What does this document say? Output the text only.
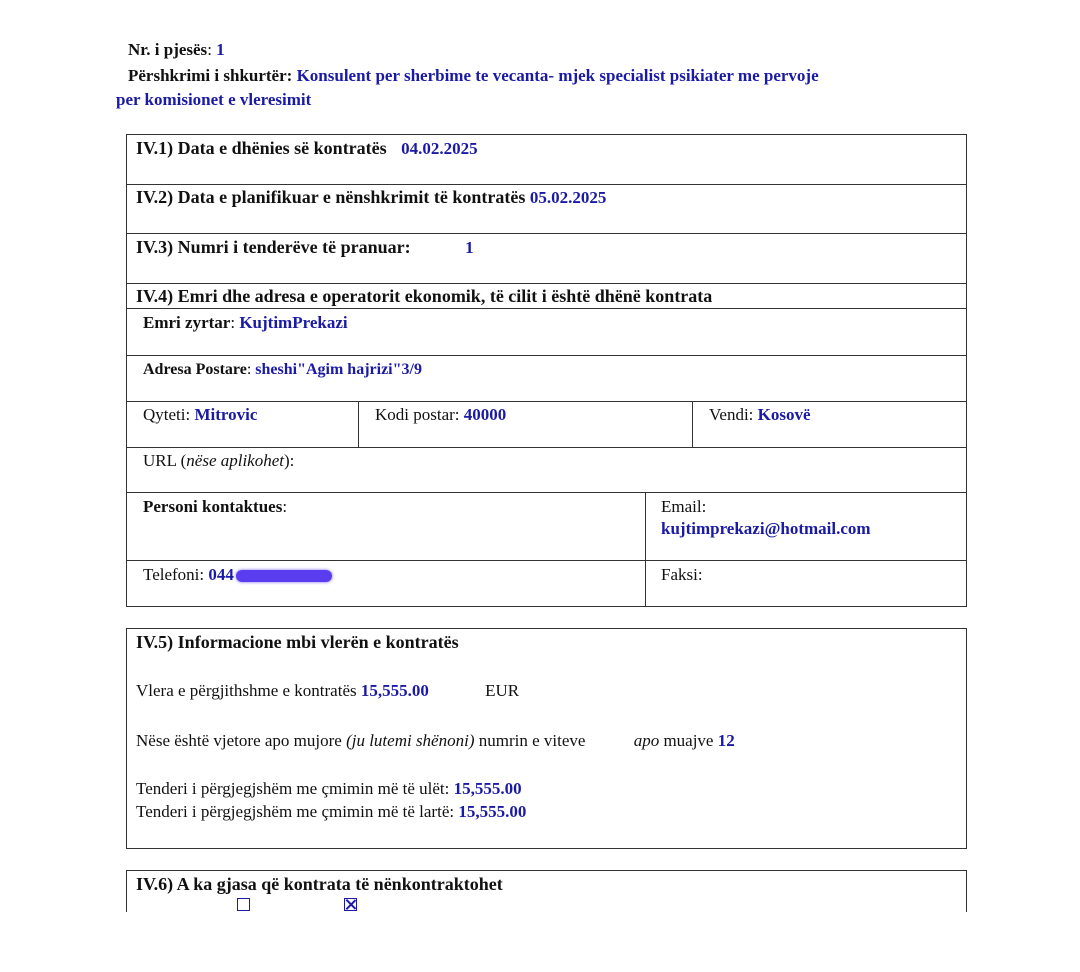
Nr. i pjesës: 1
Përshkrimi i shkurtër: Konsulent per sherbime te vecanta- mjek specialist psikiater me pervoje
per komisionet e vleresimit
IV.1) Data e dhënies së kontratës 04.02.2025
IV.2) Data e planifikuar e nënshkrimit të kontratës 05.02.2025
IV.3) Numri i tenderëve të pranuar:	1
IV.4) Emri dhe adresa e operatorit ekonomik, të cilit i është dhënë kontrata
Emri zyrtar: KujtimPrekazi
Adresa Postare: sheshi"Agim hajrizi"3/9
Qyteti: Mitrovic	Kodi postar: 40000	Vendi: Kosovë
URL (nëse aplikohet):
Personi kontaktues:	Email:
kujtimprekazi@hotmail.com
Telefoni: 044	Faksi:
IV.5) Informacione mbi vlerën e kontratës
Vlera e përgjithshme e kontratës 15,555.00	EUR
Nëse është vjetore apo mujore (ju lutemi shënoni) numrin e viteve	apo muajve 12
Tenderi i përgjegjshëm me çmimin më të ulët: 15,555.00
Tenderi i përgjegjshëm me çmimin më të lartë: 15,555.00
IV.6) A ka gjasa që kontrata të nënkontraktohet
